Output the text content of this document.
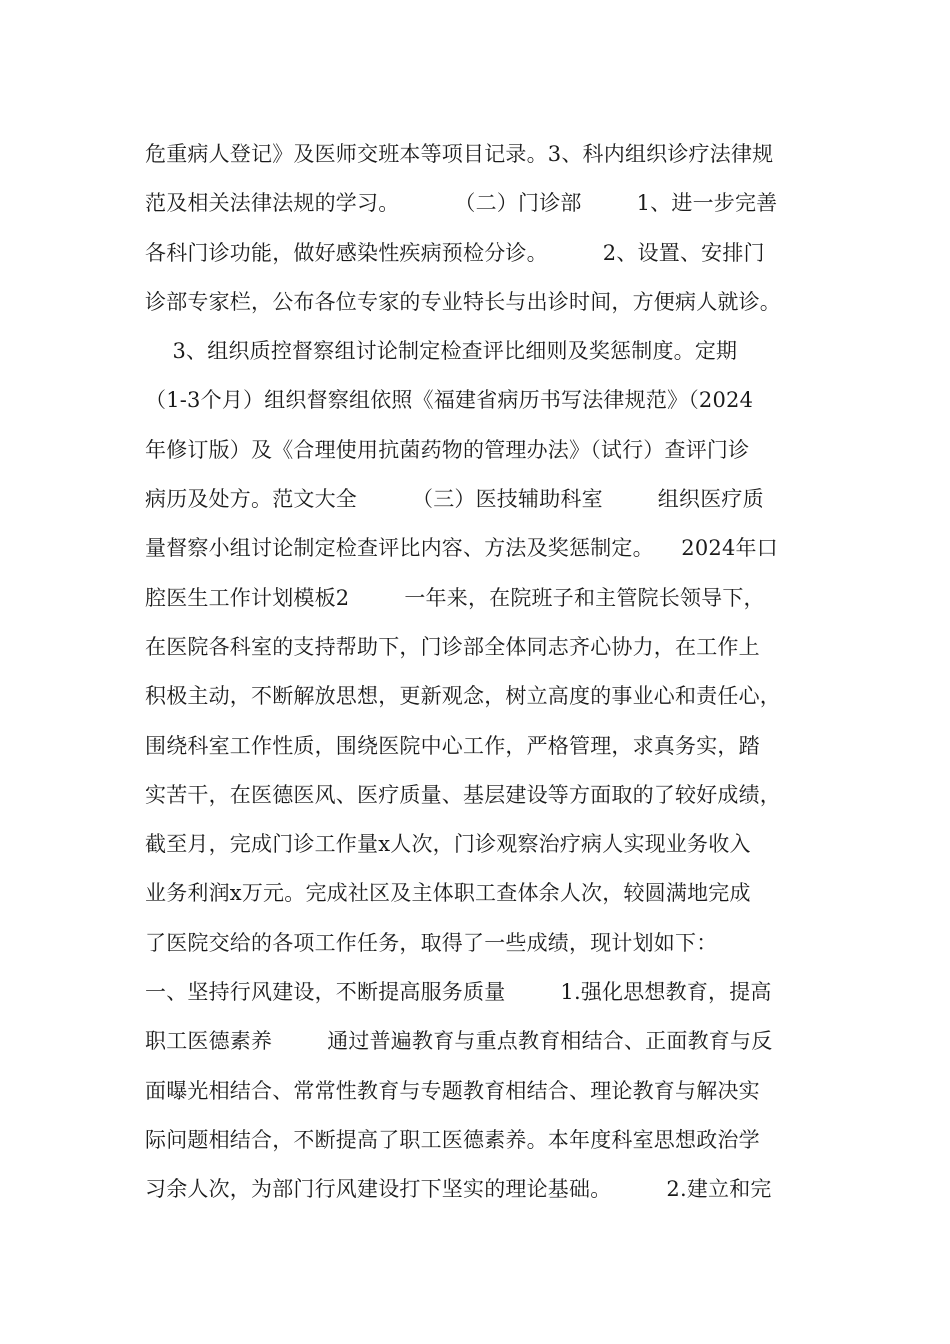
危重病人登记》及医师交班本等项目记录。3、科内组织诊疗法律规
范及相关法律法规的学习。        （二）门诊部        1、进一步完善
各科门诊功能，做好感染性疾病预检分诊。        2、设置、安排门
诊部专家栏，公布各位专家的专业特长与出诊时间，方便病人就诊。
3、组织质控督察组讨论制定检查评比细则及奖惩制度。定期
（1-3个月）组织督察组依照《福建省病历书写法律规范》（2024
年修订版）及《合理使用抗菌药物的管理办法》（试行）查评门诊
病历及处方。范文大全        （三）医技辅助科室        组织医疗质
量督察小组讨论制定检查评比内容、方法及奖惩制定。    2024年口
腔医生工作计划模板2        一年来，在院班子和主管院长领导下，
在医院各科室的支持帮助下，门诊部全体同志齐心协力，在工作上
积极主动，不断解放思想，更新观念，树立高度的事业心和责任心，
围绕科室工作性质，围绕医院中心工作，严格管理，求真务实，踏
实苦干，在医德医风、医疗质量、基层建设等方面取的了较好成绩，
截至月，完成门诊工作量x人次，门诊观察治疗病人实现业务收入
业务利润x万元。完成社区及主体职工查体余人次，较圆满地完成
了医院交给的各项工作任务，取得了一些成绩，现计划如下：
一、坚持行风建设，不断提高服务质量        1.强化思想教育，提高
职工医德素养        通过普遍教育与重点教育相结合、正面教育与反
面曝光相结合、常常性教育与专题教育相结合、理论教育与解决实
际问题相结合，不断提高了职工医德素养。本年度科室思想政治学
习余人次，为部门行风建设打下坚实的理论基础。        2.建立和完
